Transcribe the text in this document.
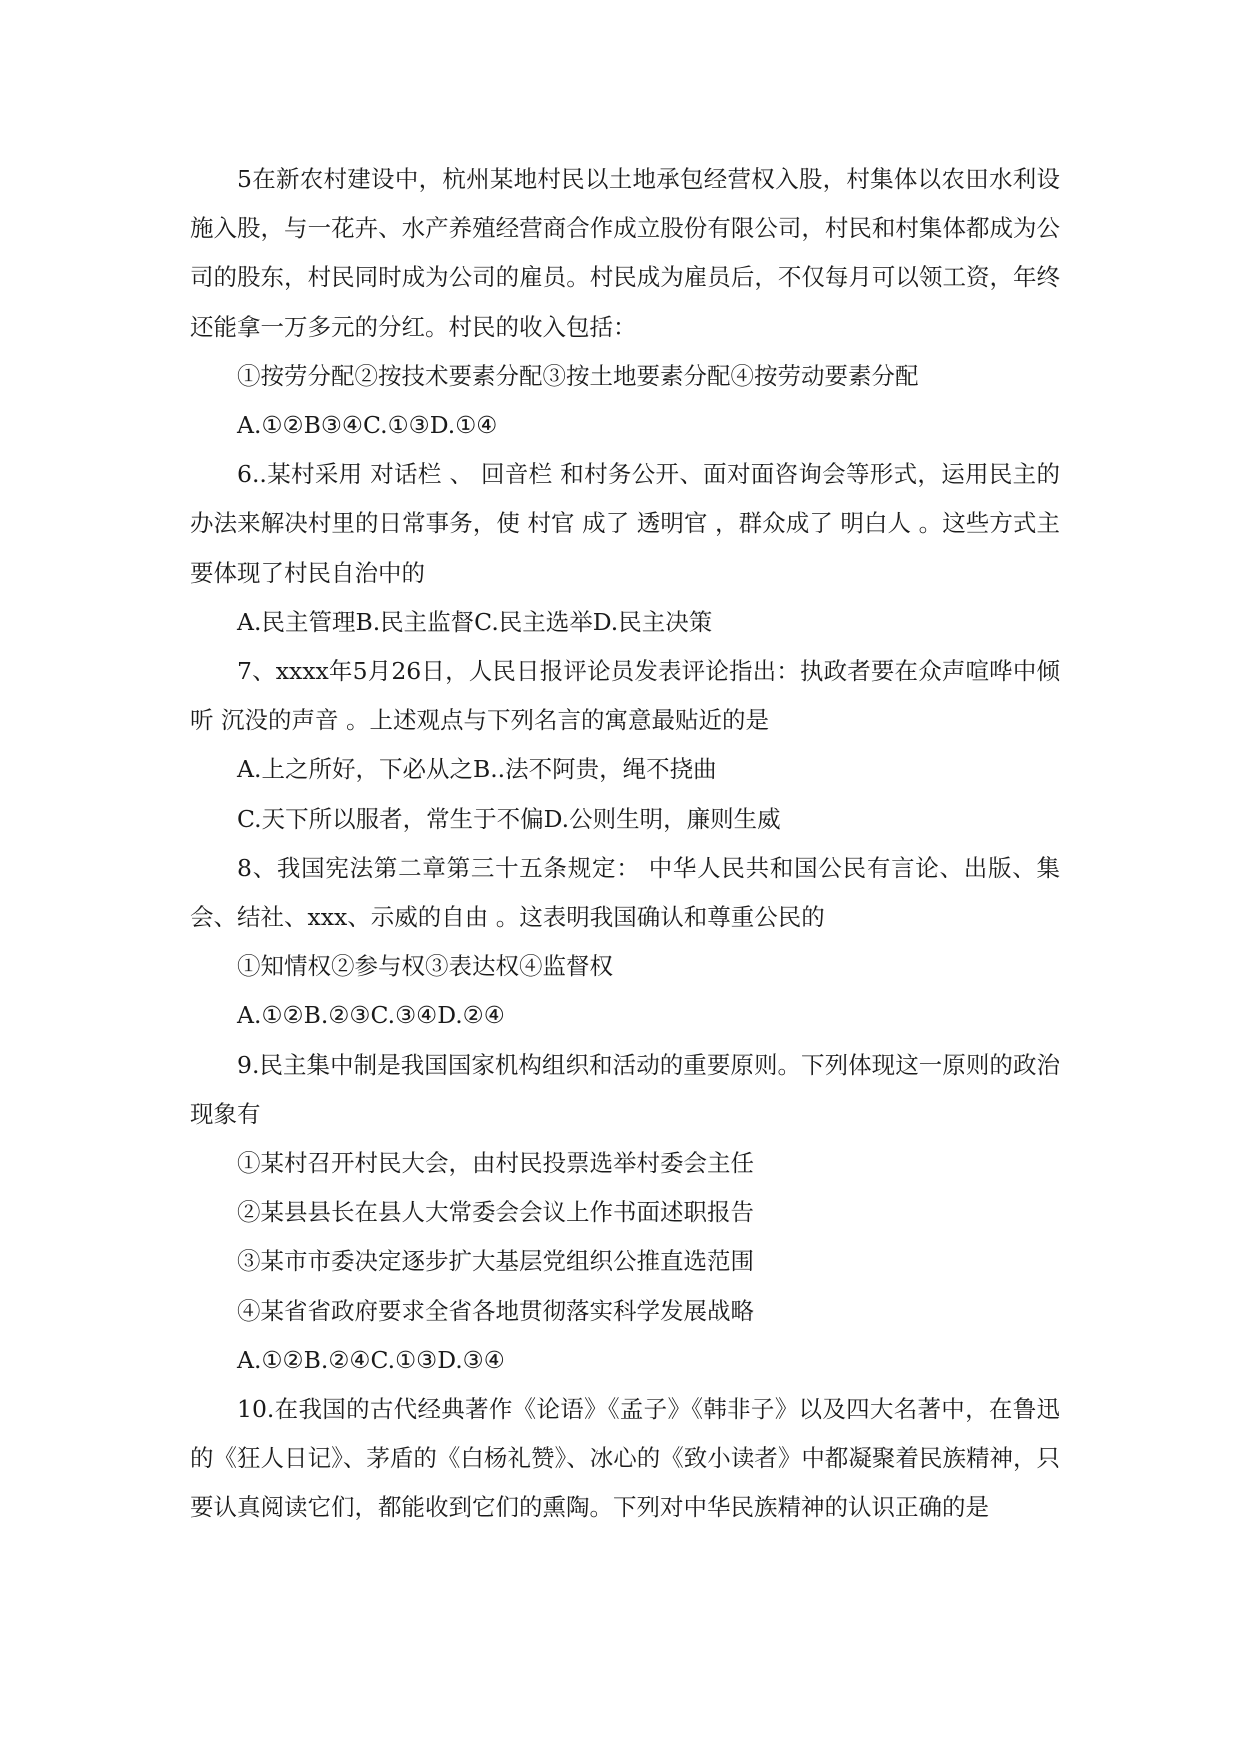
5在新农村建设中，杭州某地村民以土地承包经营权入股，村集体以农田水利设施入股，与一花卉、水产养殖经营商合作成立股份有限公司，村民和村集体都成为公司的股东，村民同时成为公司的雇员。村民成为雇员后，不仅每月可以领工资，年终还能拿一万多元的分红。村民的收入包括：

①按劳分配②按技术要素分配③按土地要素分配④按劳动要素分配

A.①②B③④C.①③D.①④

6..某村采用 对话栏 、 回音栏 和村务公开、面对面咨询会等形式，运用民主的办法来解决村里的日常事务，使 村官 成了 透明官 ，群众成了 明白人 。这些方式主要体现了村民自治中的

A.民主管理B.民主监督C.民主选举D.民主决策

7、xxxx年5月26日，人民日报评论员发表评论指出：执政者要在众声喧哗中倾听 沉没的声音 。上述观点与下列名言的寓意最贴近的是

A.上之所好，下必从之B..法不阿贵，绳不挠曲

C.天下所以服者，常生于不偏D.公则生明，廉则生威

8、我国宪法第二章第三十五条规定： 中华人民共和国公民有言论、出版、集会、结社、xxx、示威的自由 。这表明我国确认和尊重公民的

①知情权②参与权③表达权④监督权

A.①②B.②③C.③④D.②④

9.民主集中制是我国国家机构组织和活动的重要原则。下列体现这一原则的政治现象有

①某村召开村民大会，由村民投票选举村委会主任

②某县县长在县人大常委会会议上作书面述职报告

③某市市委决定逐步扩大基层党组织公推直选范围

④某省省政府要求全省各地贯彻落实科学发展战略

A.①②B.②④C.①③D.③④

10.在我国的古代经典著作《论语》《孟子》《韩非子》以及四大名著中，在鲁迅的《狂人日记》、茅盾的《白杨礼赞》、冰心的《致小读者》中都凝聚着民族精神，只要认真阅读它们，都能收到它们的熏陶。下列对中华民族精神的认识正确的是
